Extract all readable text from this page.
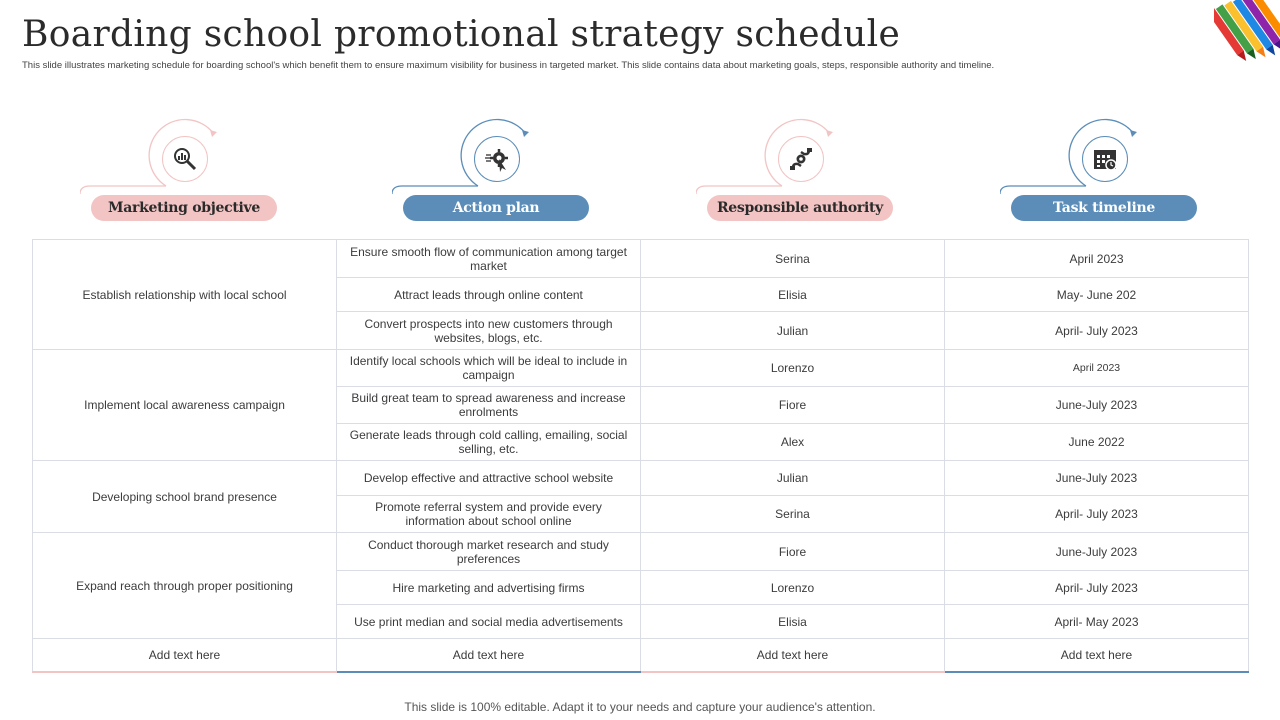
Boarding school promotional strategy schedule
This slide illustrates marketing schedule for boarding school's which benefit them to ensure maximum visibility for business in targeted market. This slide contains data about marketing goals, steps, responsible authority and timeline.
Marketing objective	Action plan	Responsible authority	Task timeline
Establish relationship with local school	Ensure smooth flow of communication among target market	Serina	April 2023
	Attract leads through online content	Elisia	May- June 202
	Convert prospects into new customers through websites, blogs, etc.	Julian	April- July 2023
Implement local awareness campaign	Identify local schools which will be ideal to include in campaign	Lorenzo	April 2023
	Build great team to spread awareness and increase enrolments	Fiore	June-July 2023
	Generate leads through cold calling, emailing, social selling, etc.	Alex	June 2022
Developing school brand presence	Develop effective and attractive school website	Julian	June-July 2023
	Promote referral system and provide every information about school online	Serina	April- July 2023
Expand reach through proper positioning	Conduct thorough market research and study preferences	Fiore	June-July 2023
	Hire marketing and advertising firms	Lorenzo	April- July 2023
	Use print median and social media advertisements	Elisia	April- May 2023
Add text here	Add text here	Add text here	Add text here
This slide is 100% editable. Adapt it to your needs and capture your audience's attention.
